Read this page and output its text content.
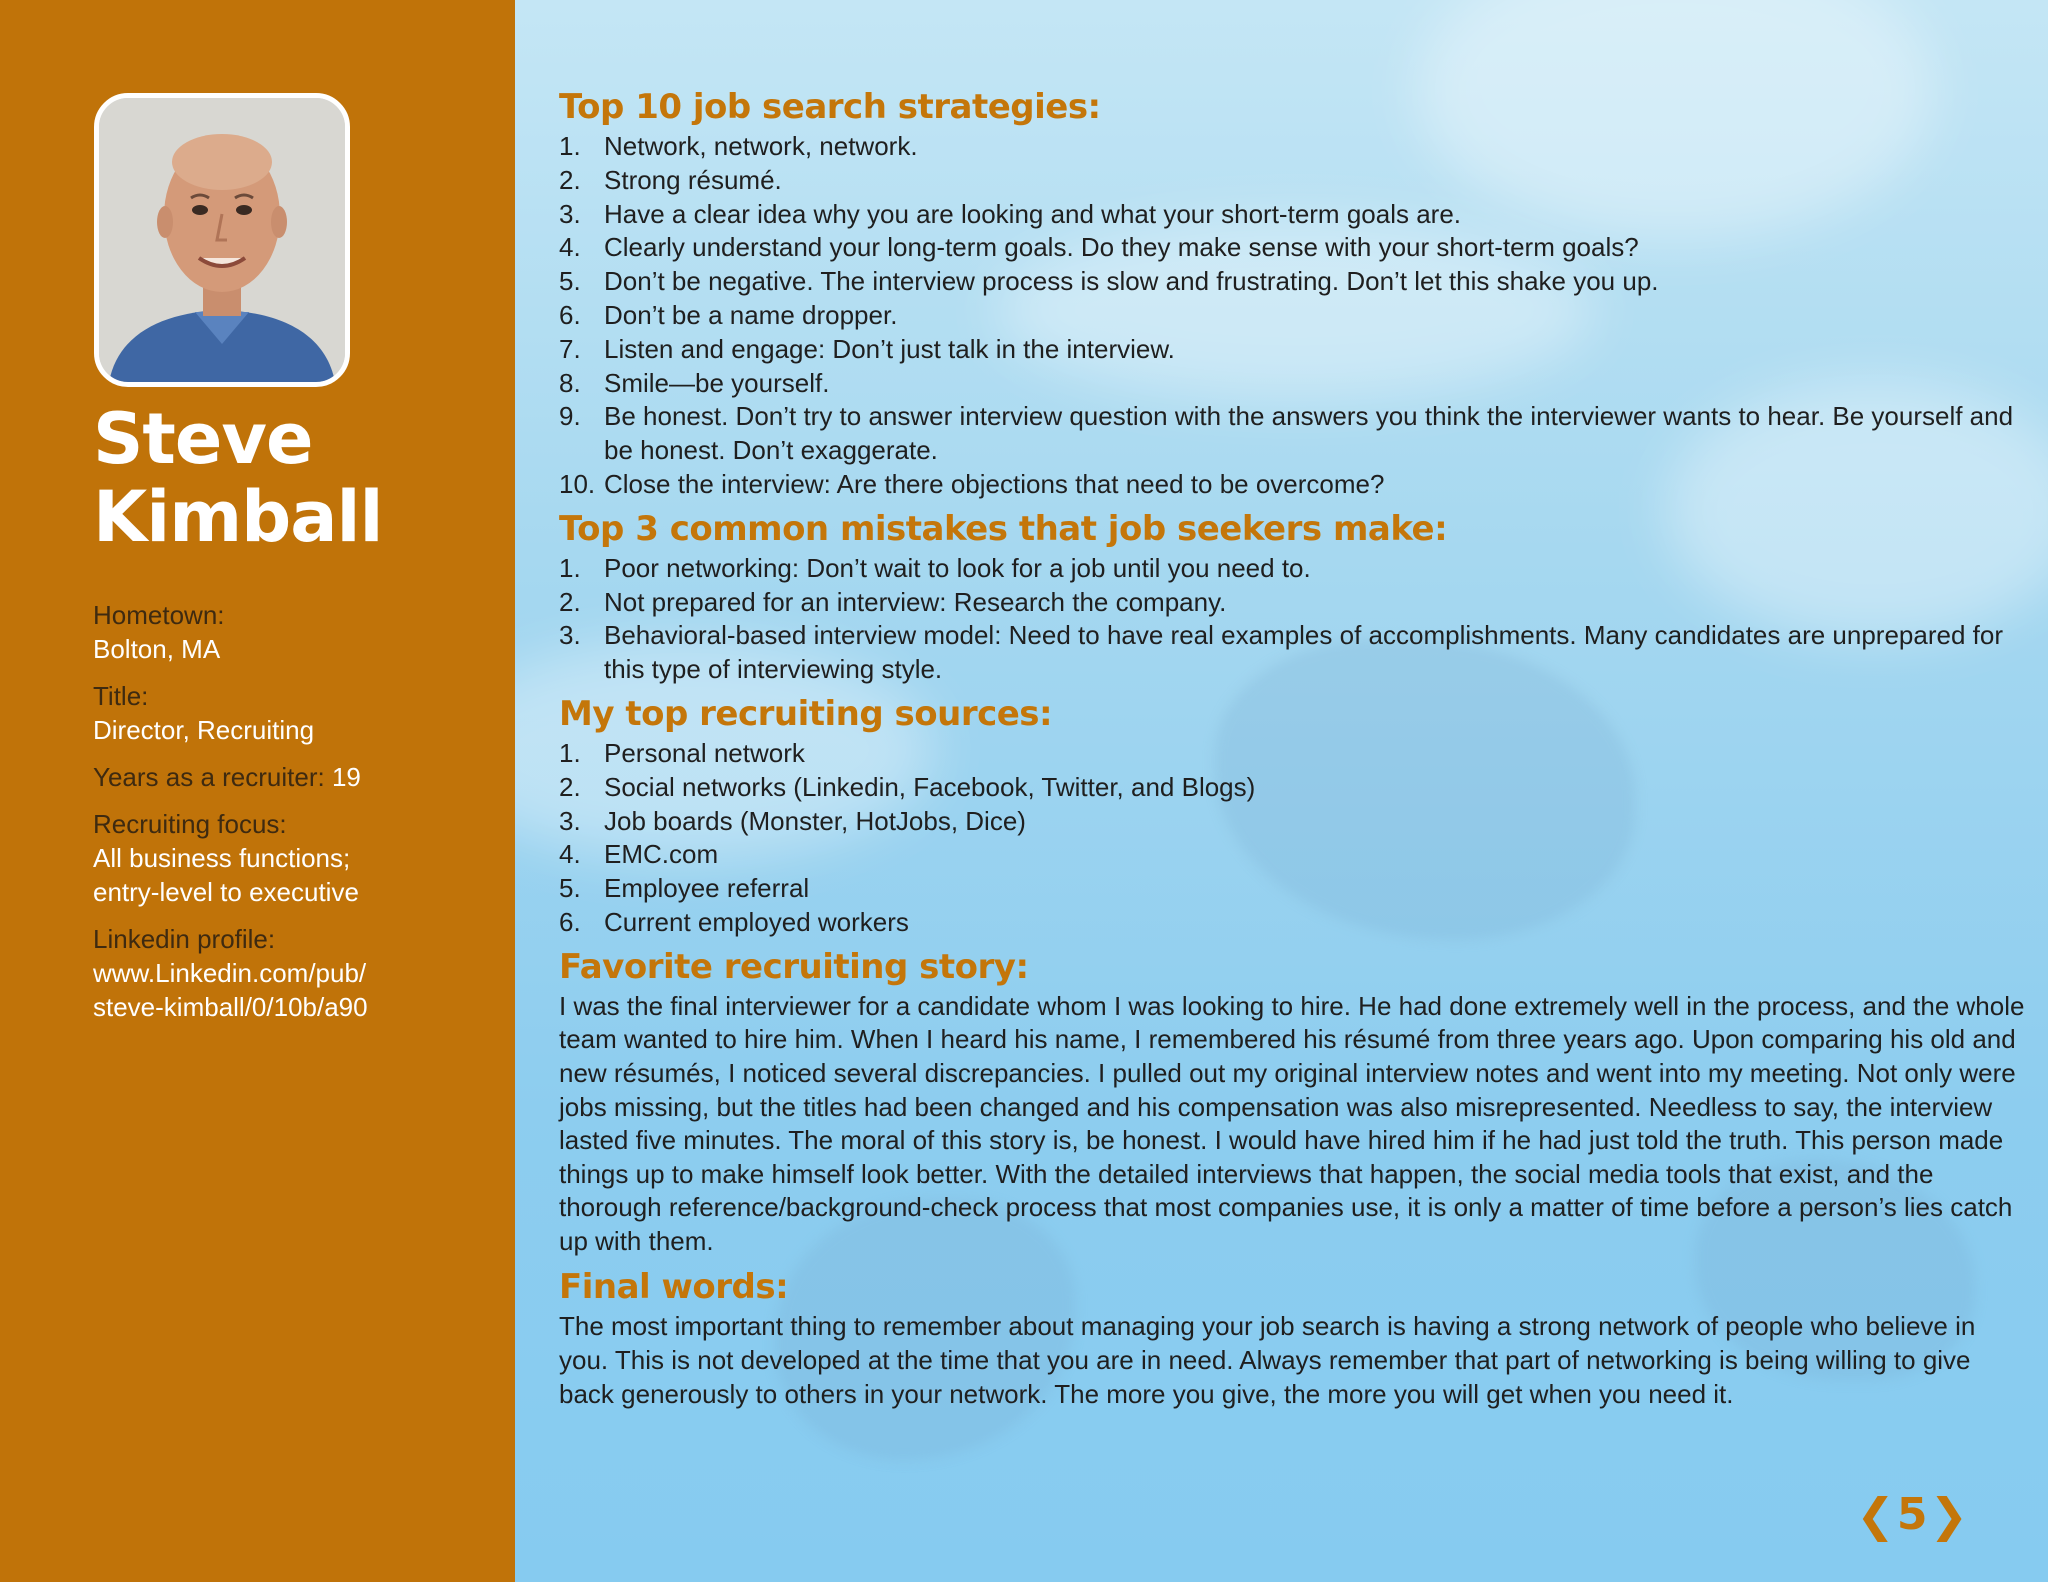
Steve
Kimball
Hometown:
Bolton, MA
Title:
Director, Recruiting
Years as a recruiter: 19
Recruiting focus:
All business functions;
entry-level to executive
Linkedin profile:
www.Linkedin.com/pub/
steve-kimball/0/10b/a90
Top 10 job search strategies:
1. Network, network, network.
2. Strong résumé.
3. Have a clear idea why you are looking and what your short-term goals are.
4. Clearly understand your long-term goals. Do they make sense with your short-term goals?
5. Don’t be negative. The interview process is slow and frustrating. Don’t let this shake you up.
6. Don’t be a name dropper.
7. Listen and engage: Don’t just talk in the interview.
8. Smile—be yourself.
9. Be honest. Don’t try to answer interview question with the answers you think the interviewer wants to hear. Be yourself and be honest. Don’t exaggerate.
10. Close the interview: Are there objections that need to be overcome?
Top 3 common mistakes that job seekers make:
1. Poor networking: Don’t wait to look for a job until you need to.
2. Not prepared for an interview: Research the company.
3. Behavioral-based interview model: Need to have real examples of accomplishments. Many candidates are unprepared for this type of interviewing style.
My top recruiting sources:
1. Personal network
2. Social networks (Linkedin, Facebook, Twitter, and Blogs)
3. Job boards (Monster, HotJobs, Dice)
4. EMC.com
5. Employee referral
6. Current employed workers
Favorite recruiting story:

I was the final interviewer for a candidate whom I was looking to hire. He had done extremely well in the process, and the whole team wanted to hire him. When I heard his name, I remembered his résumé from three years ago. Upon comparing his old and new résumés, I noticed several discrepancies. I pulled out my original interview notes and went into my meeting. Not only were jobs missing, but the titles had been changed and his compensation was also misrepresented. Needless to say, the interview lasted five minutes. The moral of this story is, be honest. I would have hired him if he had just told the truth. This person made things up to make himself look better. With the detailed interviews that happen, the social media tools that exist, and the thorough reference/background-check process that most companies use, it is only a matter of time before a person’s lies catch up with them.

Final words:

The most important thing to remember about managing your job search is having a strong network of people who believe in you. This is not developed at the time that you are in need. Always remember that part of networking is being willing to give back generously to others in your network. The more you give, the more you will get when you need it.

❮ 5 ❯
